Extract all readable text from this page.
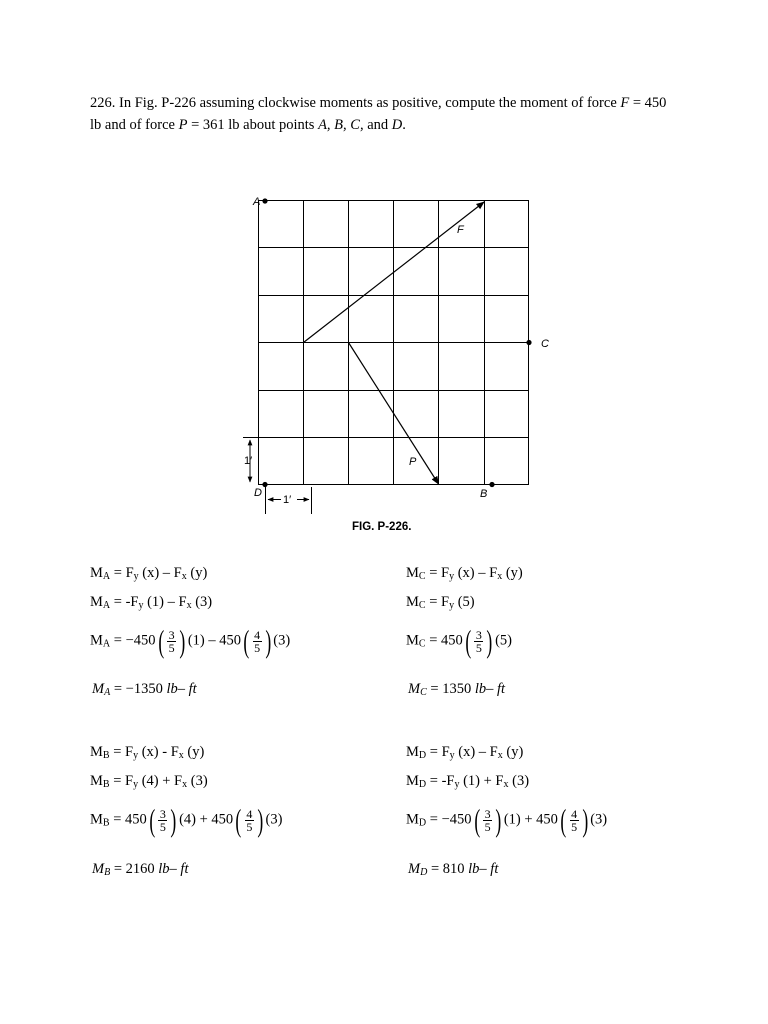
226. In Fig. P-226 assuming clockwise moments as positive, compute the moment of force F = 450 lb and of force P = 361 lb about points A, B, C, and D.

A
C
D	B
F
P
1′
1′

FIG. P-226.

$M_A = F_y$ $(x) - F_x$ (y)
$M_A = -F_y$ $(1) - F_x$ (3)
$M_A = -450( \frac{3}{5}$ ) $(1) - 450( \frac{4}{5}$ ) (3)
$M_A = -1350$ lb– ft
$M_C = F_y$ $(x) - F_x$ (y)
$M_C = F_y$ (5)
$M_C = 450( \frac{3}{5}$ ) (5)
$M_C = 1350$ lb– ft
$M_B = F_y$ $(x) - F_x$ (y)
$M_B = F_y$ $(4) + F_x$ (3)
$M_B = 450( \frac{3}{5}$ ) $(4) + 450( \frac{4}{5}$ ) (3)
$M_B = 2160$ lb– ft
$M_D = F_y$ $(x) - F_x$ (y)
$M_D = -F_y$ $(1) + F_x$ (3)
$M_D = -450( \frac{3}{5}$ ) $(1) + 450( \frac{4}{5}$ ) (3)
$M_D = 810$ lb– ft
